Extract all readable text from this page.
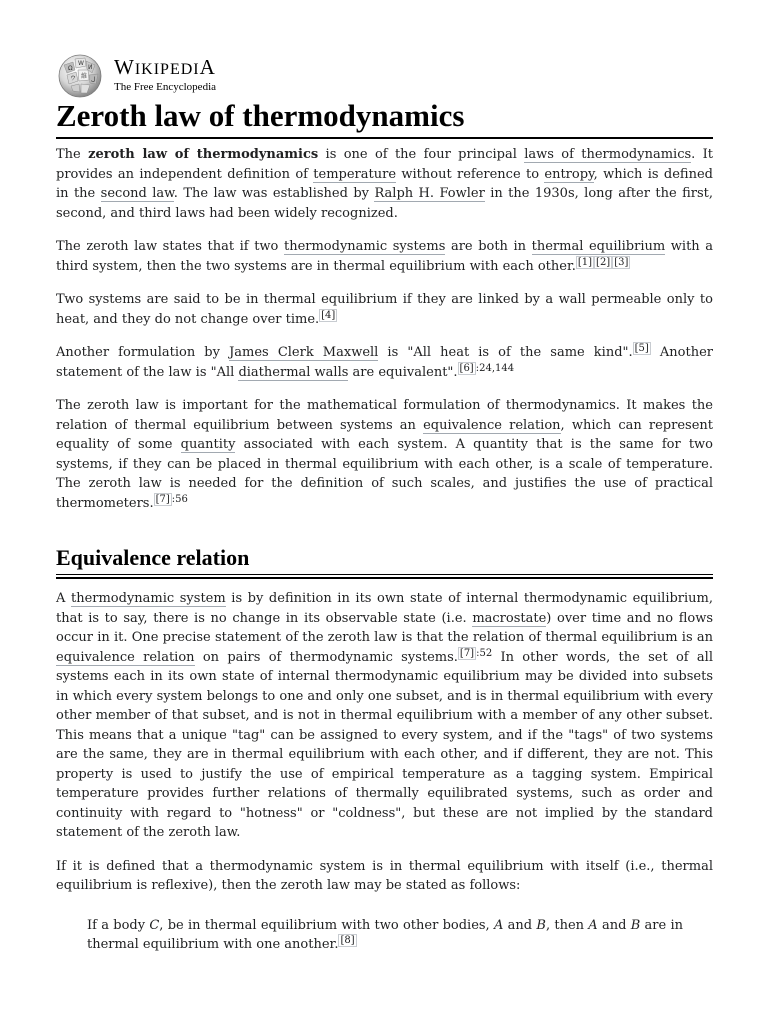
Ω
W
И
ウ 維 ل
WIKIPEDIA
The Free Encyclopedia
Zeroth law of thermodynamics

The zeroth law of thermodynamics is one of the four principal laws of thermodynamics. It provides an independent definition of temperature without reference to entropy, which is defined in the second law. The law was established by Ralph H. Fowler in the 1930s, long after the first, second, and third laws had been widely recognized.

The zeroth law states that if two thermodynamic systems are both in thermal equilibrium with a third system, then the two systems are in thermal equilibrium with each other. [1] [2] [3]

Two systems are said to be in thermal equilibrium if they are linked by a wall permeable only to heat, and they do not change over time. [4]

Another formulation by James Clerk Maxwell is "All heat is of the same kind". [5] Another statement of the law is "All diathermal walls are equivalent". $^{[6] :24,144}$

The zeroth law is important for the mathematical formulation of thermodynamics. It makes the relation of thermal equilibrium between systems an equivalence relation, which can represent equality of some quantity associated with each system. A quantity that is the same for two systems, if they can be placed in thermal equilibrium with each other, is a scale of temperature. The zeroth law is needed for the definition of such scales, and justifies the use of practical thermometers. $^{[7] :56}$

Equivalence relation

A thermodynamic system is by definition in its own state of internal thermodynamic equilibrium, that is to say, there is no change in its observable state (i.e. macrostate) over time and no flows occur in it. One precise statement of the zeroth law is that the relation of thermal equilibrium is an equivalence relation on pairs of thermodynamic systems. $^{[7] :52}$ In other words, the set of all systems each in its own state of internal thermodynamic equilibrium may be divided into subsets in which every system belongs to one and only one subset, and is in thermal equilibrium with every other member of that subset, and is not in thermal equilibrium with a member of any other subset. This means that a unique "tag" can be assigned to every system, and if the "tags" of two systems are the same, they are in thermal equilibrium with each other, and if different, they are not. This property is used to justify the use of empirical temperature as a tagging system. Empirical temperature provides further relations of thermally equilibrated systems, such as order and continuity with regard to "hotness" or "coldness", but these are not implied by the standard statement of the zeroth law.

If it is defined that a thermodynamic system is in thermal equilibrium with itself (i.e., thermal equilibrium is reflexive), then the zeroth law may be stated as follows:

If a body C, be in thermal equilibrium with two other bodies, A and B, then A and B are in thermal equilibrium with one another. [8]
